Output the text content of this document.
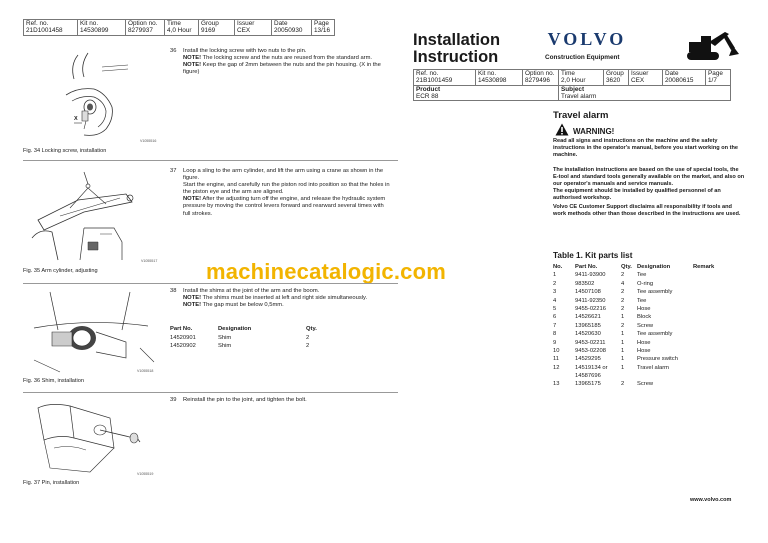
Ref. no.	Kit no.	Option no.	Time	Group	Issuer	Date	Page
21D1001458	14530899	8279937	4,0 Hour	9169	CEX	20050930	13/16
X
V1055516
Fig. 34 Locking screw, installation
36 Install the locking screw with two nuts to the pin.
NOTE! The locking screw and the nuts are reused from the standard arm.
NOTE! Keep the gap of 2mm between the nuts and the pin housing. (X in the figure)
V1055517
Fig. 35 Arm cylinder, adjusting
37 Loop a sling to the arm cylinder, and lift the arm using a crane as shown in the figure.
Start the engine, and carefully run the piston rod into position so that the holes in the piston eye and the arm are aligned.
NOTE! After the adjusting turn off the engine, and release the hydraulic system pressure by moving the control levers forward and rearward several times with full strokes.
machinecatalogic.com
V1055518
Fig. 36 Shim, installation
38 Install the shims at the joint of the arm and the boom.
NOTE! The shims must be inserted at left and right side simultaneously.
NOTE! The gap must be below 0,5mm.
Part No.	Designation	Qty.
14520901	Shim	2
14520902	Shim	2
V1055519
Fig. 37 Pin, installation
39 Reinstall the pin to the joint, and tighten the bolt.
Installation
Instruction
VOLVO
Construction Equipment
Ref. no.	Kit no.	Option no.	Time	Group	Issuer	Date	Page
21B1001459	14530898	8279496	2,0 Hour	3620	CEX	20080615	1/7
Product			Subject				
ECR 88			Travel alarm				
Travel alarm
WARNING!
Read all signs and instructions on the machine and the safety instructions in the operator's manual, before you start working on the machine.
The installation instructions are based on the use of special tools, the E-tool and standard tools generally available on the market, and also on our operator's manuals and service manuals.
The equipment should be installed by qualified personnel of an authorised workshop.
Volvo CE Customer Support disclaims all responsibility if tools and work methods other than those described in the instructions are used.
Table 1. Kit parts list
No.	Part No.	Qty.	Designation	Remark
1	9411-93900	2	Tee	
2	983502	4	O-ring	
3	14507108	2	Tee assembly	
4	9411-92350	2	Tee	
5	9455-02216	2	Hose	
6	14526621	1	Block	
7	13965185	2	Screw	
8	14520630	1	Tee assembly	
9	9453-02211	1	Hose	
10	9453-02208	1	Hose	
11	14529295	1	Pressure switch	
12	14519134 or	1	Travel alarm	
	14587696			
13	13965175	2	Screw	
www.volvo.com
